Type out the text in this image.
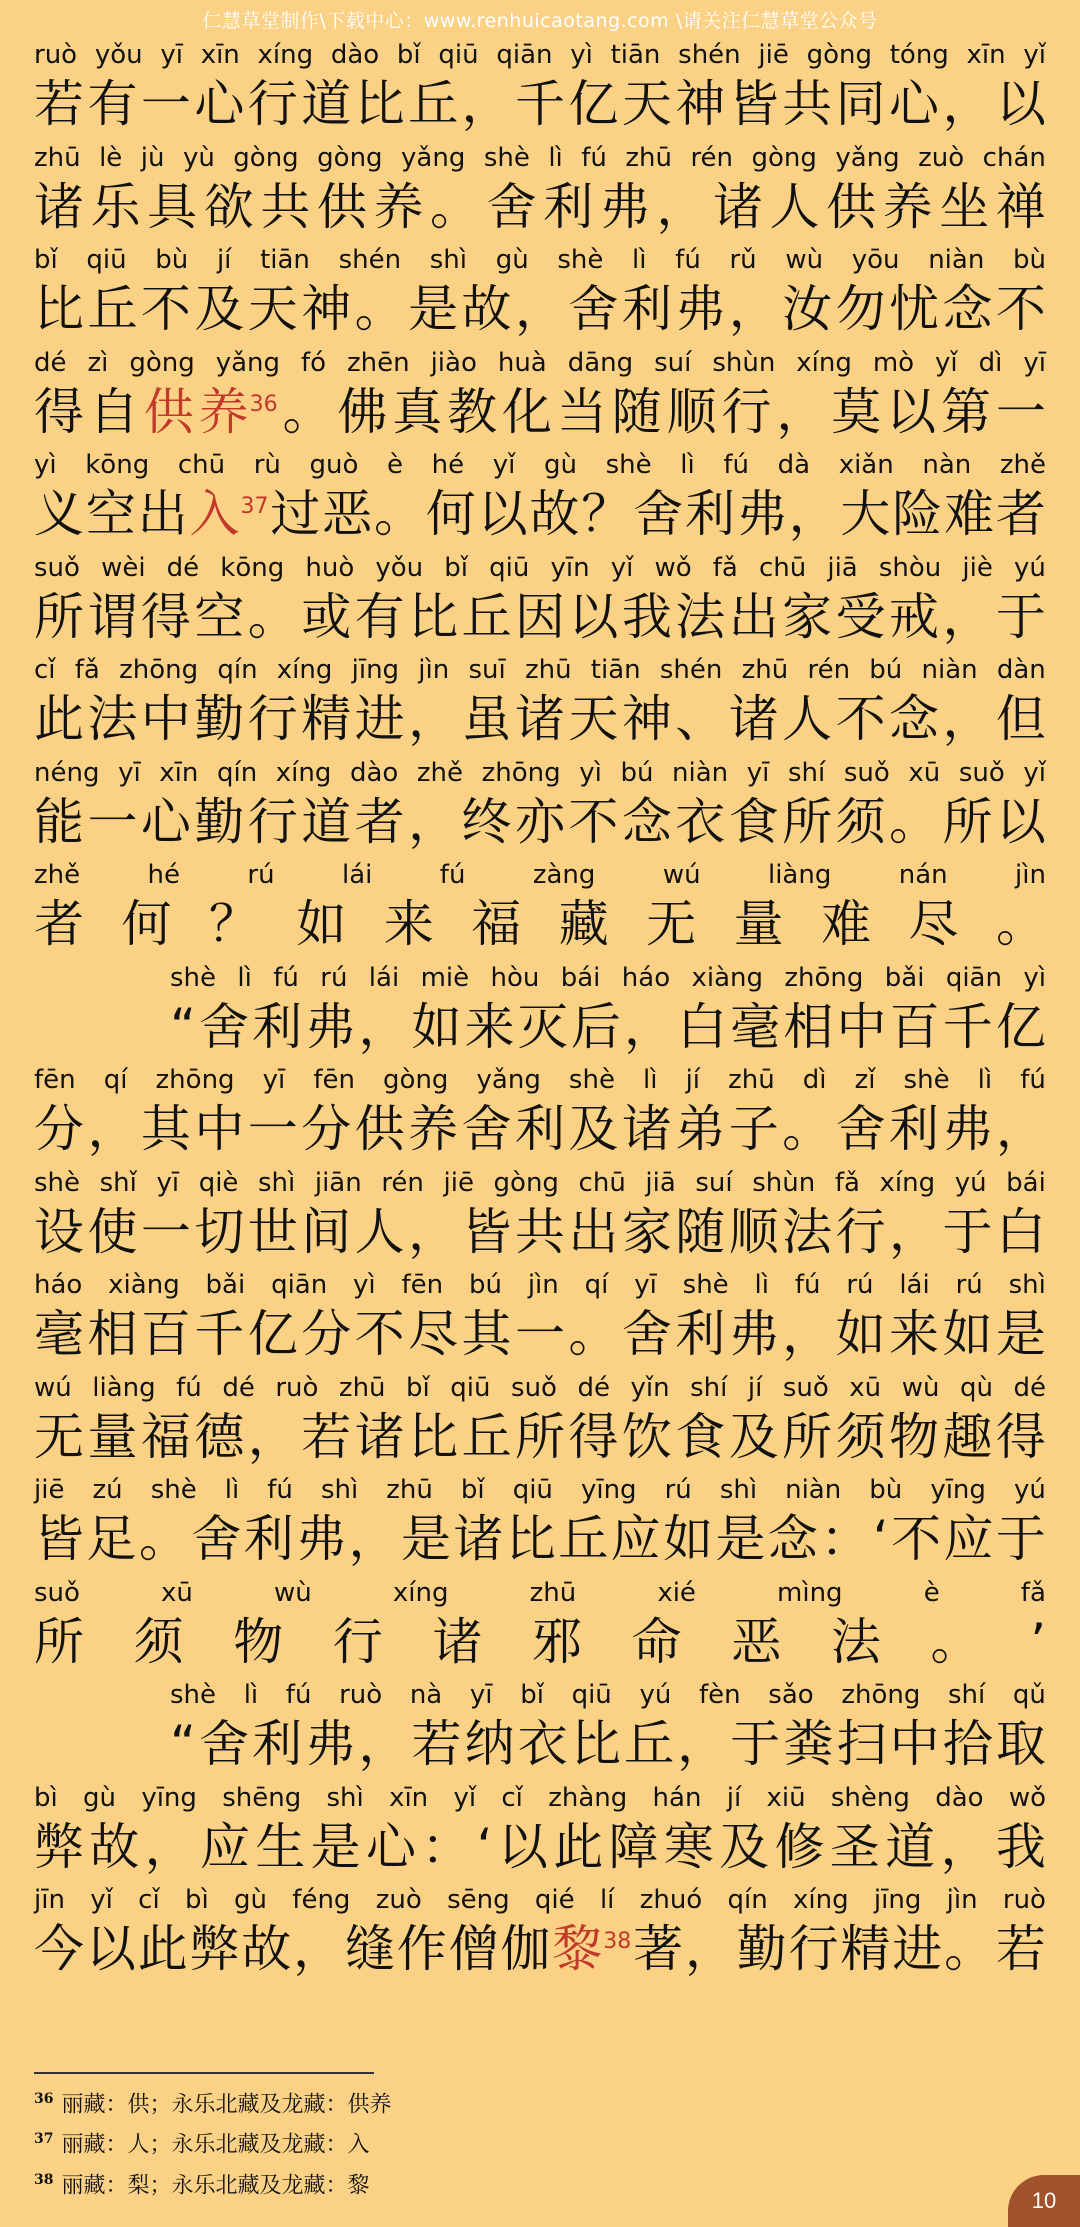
仁慧草堂制作\下载中心：www.renhuicaotang.com \请关注仁慧草堂公众号
ruò yǒu yī xīn xíng dào bǐ qiū qiān yì tiān shén jiē gòng tóng xīn yǐ
若 有 一 心 行 道 比 丘 ， 千 亿 天 神 皆 共 同 心 ， 以
zhū lè jù yù gòng gòng yǎng shè lì fú zhū rén gòng yǎng zuò chán
诸 乐 具 欲 共 供 养 。 舍 利 弗 ， 诸 人 供 养 坐 禅
bǐ qiū bù jí tiān shén shì gù shè lì fú rǔ wù yōu niàn bù
比 丘 不 及 天 神 。 是 故 ， 舍 利 弗 ， 汝 勿 忧 念 不
dé zì gòng yǎng fó zhēn jiào huà dāng suí shùn xíng mò yǐ dì yī
得 自 供 养$^{36}$ 。 佛 真 教 化 当 随 顺 行 ， 莫 以 第 一
yì kōng chū rù guò è hé yǐ gù shè lì fú dà xiǎn nàn zhě
义 空 出 入$^{37}$ 过 恶 。 何 以 故 ？ 舍 利 弗 ， 大 险 难 者
suǒ wèi dé kōng huò yǒu bǐ qiū yīn yǐ wǒ fǎ chū jiā shòu jiè yú
所 谓 得 空 。 或 有 比 丘 因 以 我 法 出 家 受 戒 ， 于
cǐ fǎ zhōng qín xíng jīng jìn suī zhū tiān shén zhū rén bú niàn dàn
此 法 中 勤 行 精 进 ， 虽 诸 天 神 、 诸 人 不 念 ， 但
néng yī xīn qín xíng dào zhě zhōng yì bú niàn yī shí suǒ xū suǒ yǐ
能 一 心 勤 行 道 者 ， 终 亦 不 念 衣 食 所 须 。 所 以
zhě	hé	rú	lái	fú	zàng	wú	liàng	nán	jìn
者 何 ？ 如 来 福 藏 无 量 难 尽 。
shè lì fú rú lái miè hòu bái háo xiàng zhōng bǎi qiān yì
“ 舍 利 弗 ， 如 来 灭 后 ， 白 毫 相 中 百 千 亿
fēn qí zhōng yī fēn gòng yǎng shè lì jí zhū dì zǐ shè lì fú
分 ， 其 中 一 分 供 养 舍 利 及 诸 弟 子 。 舍 利 弗 ，
shè shǐ yī qiè shì jiān rén jiē gòng chū jiā suí shùn fǎ xíng yú bái
设 使 一 切 世 间 人 ， 皆 共 出 家 随 顺 法 行 ， 于 白
háo xiàng bǎi qiān yì fēn bú jìn qí yī shè lì fú rú lái rú shì
毫 相 百 千 亿 分 不 尽 其 一 。 舍 利 弗 ， 如 来 如 是
wú liàng fú dé ruò zhū bǐ qiū suǒ dé yǐn shí jí suǒ xū wù qù dé
无 量 福 德 ， 若 诸 比 丘 所 得 饮 食 及 所 须 物 趣 得
jiē zú shè lì fú shì zhū bǐ qiū yīng rú shì niàn bù yīng yú
皆 足 。 舍 利 弗 ， 是 诸 比 丘 应 如 是 念 ： ‘ 不 应 于
suǒ	xū	wù	xíng	zhū	xié	mìng	è	fǎ
所 须 物 行 诸 邪 命 恶 法 。 ’
shè lì fú ruò nà yī bǐ qiū yú fèn sǎo zhōng shí qǔ
“ 舍 利 弗 ， 若 纳 衣 比 丘 ， 于 粪 扫 中 拾 取
bì gù yīng shēng shì xīn yǐ cǐ zhàng hán jí xiū shèng dào wǒ
弊 故 ， 应 生 是 心 ： ‘ 以 此 障 寒 及 修 圣 道 ， 我
jīn yǐ cǐ bì gù féng zuò sēng qié lí zhuó qín xíng jīng jìn ruò
今 以 此 弊 故 ， 缝 作 僧 伽 黎$^{38}$ 著 ， 勤 行 精 进 。 若
$^{36}$ 丽藏：供；永乐北藏及龙藏：供养
$^{37}$ 丽藏：人；永乐北藏及龙藏：入
$^{38}$ 丽藏：梨；永乐北藏及龙藏：黎
10
